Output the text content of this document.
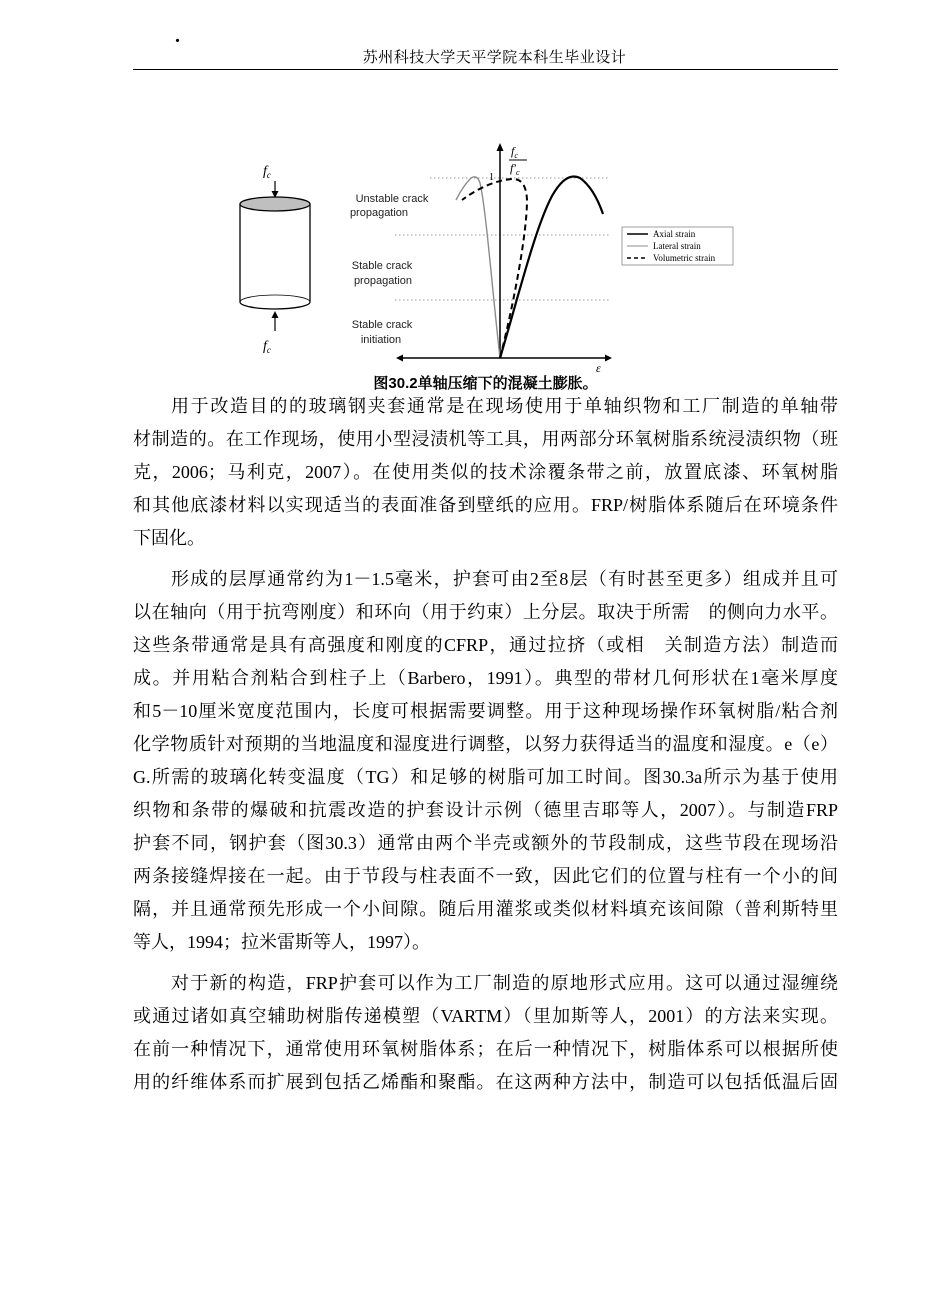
.
苏州科技大学天平学院本科生毕业设计
$f_c$
$f_c$
$f_c$
$f'_c$
1
ε
Unstable crack
propagation
Stable crack
propagation
Stable crack
initiation
Axial strain
Lateral strain
Volumetric strain
图30.2单轴压缩下的混凝土膨胀。
用于改造目的的玻璃钢夹套通常是在现场使用于单轴织物和工厂制造的单轴带
材制造的。在工作现场，使用小型浸渍机等工具，用两部分环氧树脂系统浸渍织物（班
克，2006；马利克，2007）。在使用类似的技术涂覆条带之前，放置底漆、环氧树脂
和其他底漆材料以实现适当的表面准备到壁纸的应用。FRP/树脂体系随后在环境条件
下固化。
形成的层厚通常约为1－1.5毫米，护套可由2至8层（有时甚至更多）组成并且可
以在轴向（用于抗弯刚度）和环向（用于约束）上分层。取决于所需　的侧向力水平。
这些条带通常是具有高强度和刚度的CFRP，通过拉挤（或相　关制造方法）制造而
成。并用粘合剂粘合到柱子上（Barbero，1991）。典型的带材几何形状在1毫米厚度
和5－10厘米宽度范围内，长度可根据需要调整。用于这种现场操作环氧树脂/粘合剂
化学物质针对预期的当地温度和湿度进行调整，以努力获得适当的温度和湿度。e（e）
G.所需的玻璃化转变温度（TG）和足够的树脂可加工时间。图30.3a所示为基于使用
织物和条带的爆破和抗震改造的护套设计示例（德里吉耶等人，2007）。与制造FRP
护套不同，钢护套（图30.3）通常由两个半壳或额外的节段制成，这些节段在现场沿
两条接缝焊接在一起。由于节段与柱表面不一致，因此它们的位置与柱有一个小的间
隔，并且通常预先形成一个小间隙。随后用灌浆或类似材料填充该间隙（普利斯特里
等人，1994；拉米雷斯等人，1997）。
对于新的构造，FRP护套可以作为工厂制造的原地形式应用。这可以通过湿缠绕
或通过诸如真空辅助树脂传递模塑（VARTM）（里加斯等人，2001）的方法来实现。
在前一种情况下，通常使用环氧树脂体系；在后一种情况下，树脂体系可以根据所使
用的纤维体系而扩展到包括乙烯酯和聚酯。在这两种方法中，制造可以包括低温后固
